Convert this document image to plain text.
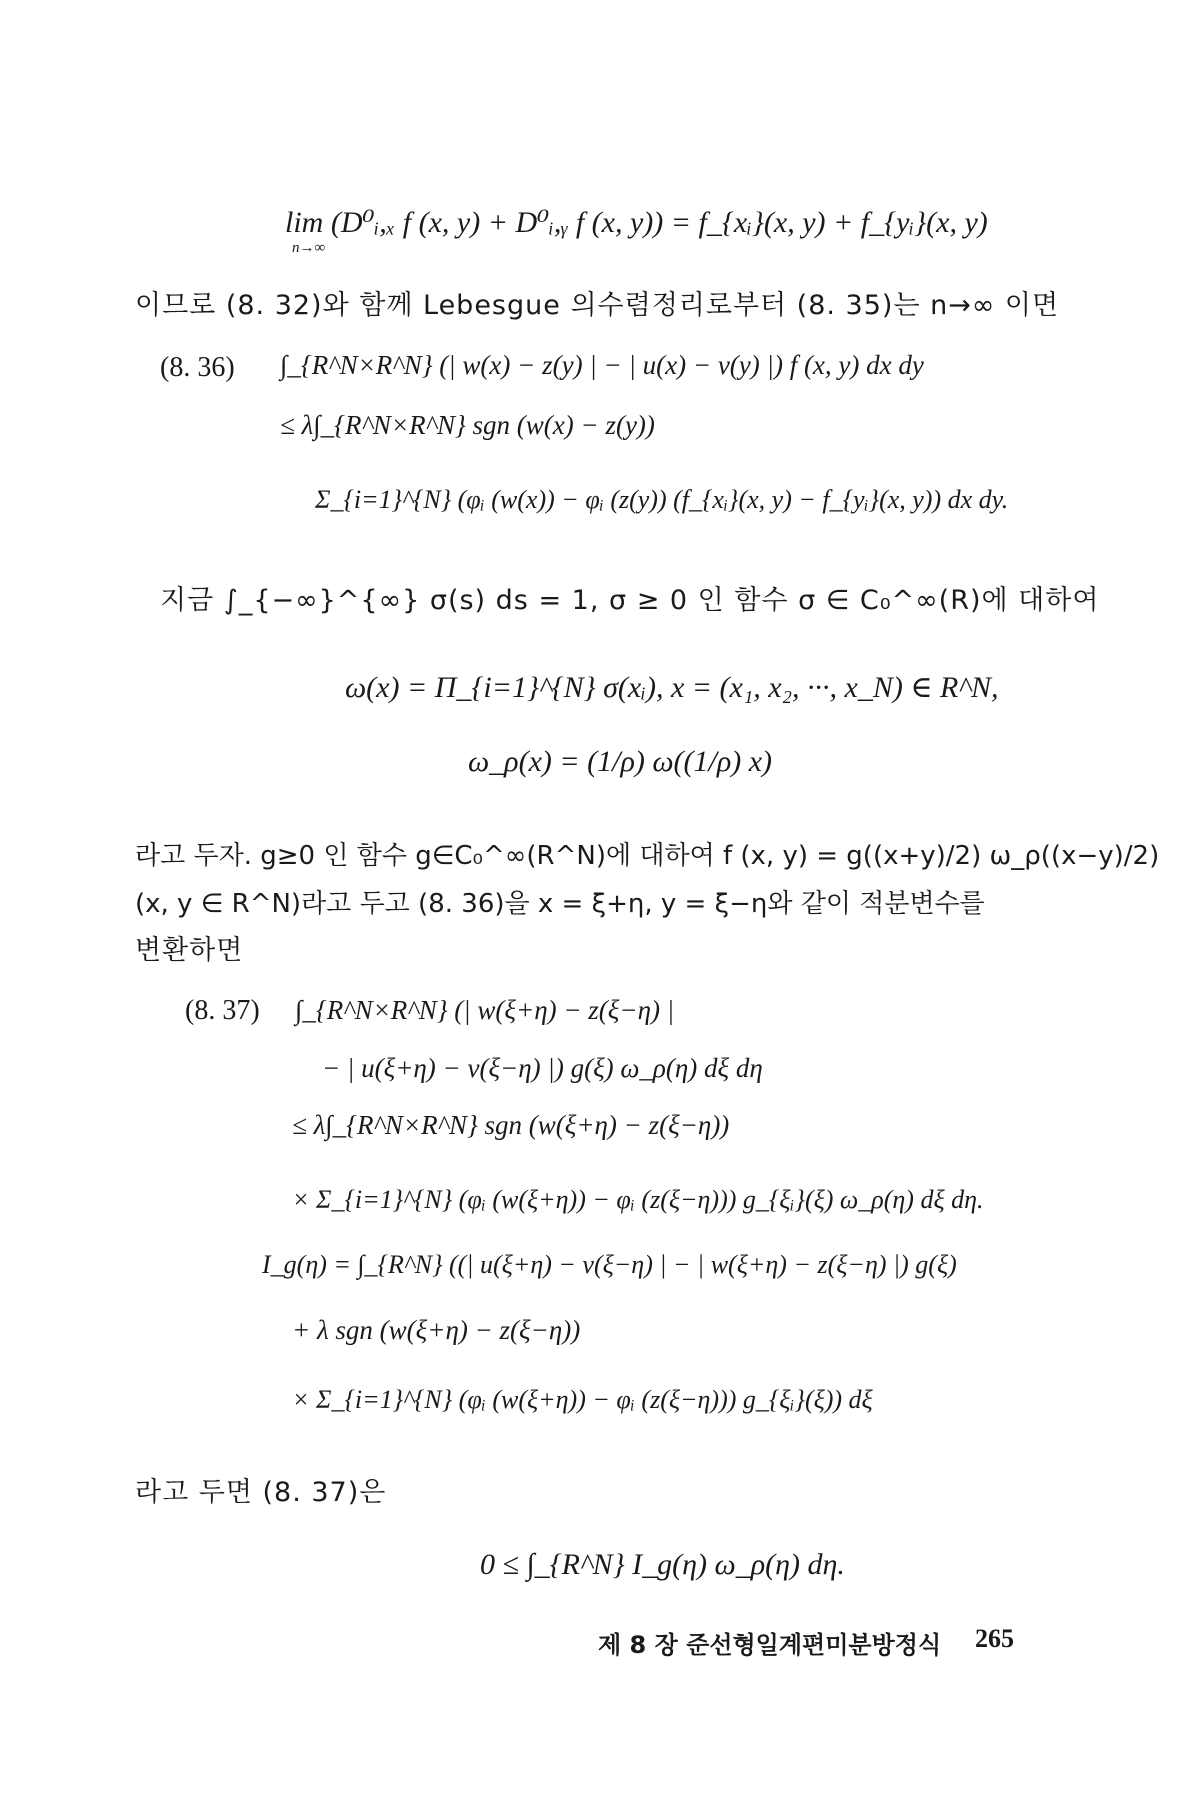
lim (D⁰ᵢ,ₓ f (x, y) + D⁰ᵢ,ᵧ f (x, y)) = f_{xᵢ}(x, y) + f_{yᵢ}(x, y)
n→∞
이므로 (8. 32)와 함께 Lebesgue 의수렴정리로부터 (8. 35)는 n→∞ 이면
(8. 36) ∫_{R^N×R^N} (| w(x) − z(y) | − | u(x) − v(y) |) f (x, y) dx dy
≤ λ∫_{R^N×R^N} sgn (w(x) − z(y))
Σ_{i=1}^{N} (φᵢ (w(x)) − φᵢ (z(y)) (f_{xᵢ}(x, y) − f_{yᵢ}(x, y)) dx dy.
지금 ∫_{−∞}^{∞} σ(s) ds = 1, σ ≥ 0 인 함수 σ ∈ C₀^∞(R)에 대하여
ω(x) = Π_{i=1}^{N} σ(xᵢ), x = (x₁, x₂, ···, x_N) ∈ R^N,
ω_ρ(x) = (1/ρ) ω((1/ρ) x)
라고 두자. g≥0 인 함수 g∈C₀^∞(R^N)에 대하여 f (x, y) = g((x+y)/2) ω_ρ((x−y)/2)
(x, y ∈ R^N)라고 두고 (8. 36)을 x = ξ+η, y = ξ−η와 같이 적분변수를
변환하면
(8. 37) ∫_{R^N×R^N} (| w(ξ+η) − z(ξ−η) |
− | u(ξ+η) − v(ξ−η) |) g(ξ) ω_ρ(η) dξ dη
≤ λ∫_{R^N×R^N} sgn (w(ξ+η) − z(ξ−η))
× Σ_{i=1}^{N} (φᵢ (w(ξ+η)) − φᵢ (z(ξ−η))) g_{ξᵢ}(ξ) ω_ρ(η) dξ dη.
I_g(η) = ∫_{R^N} ((| u(ξ+η) − v(ξ−η) | − | w(ξ+η) − z(ξ−η) |) g(ξ)
+ λ sgn (w(ξ+η) − z(ξ−η))
× Σ_{i=1}^{N} (φᵢ (w(ξ+η)) − φᵢ (z(ξ−η))) g_{ξᵢ}(ξ)) dξ
라고 두면 (8. 37)은
0 ≤ ∫_{R^N} I_g(η) ω_ρ(η) dη.
제 8 장 준선형일계편미분방정식 265
